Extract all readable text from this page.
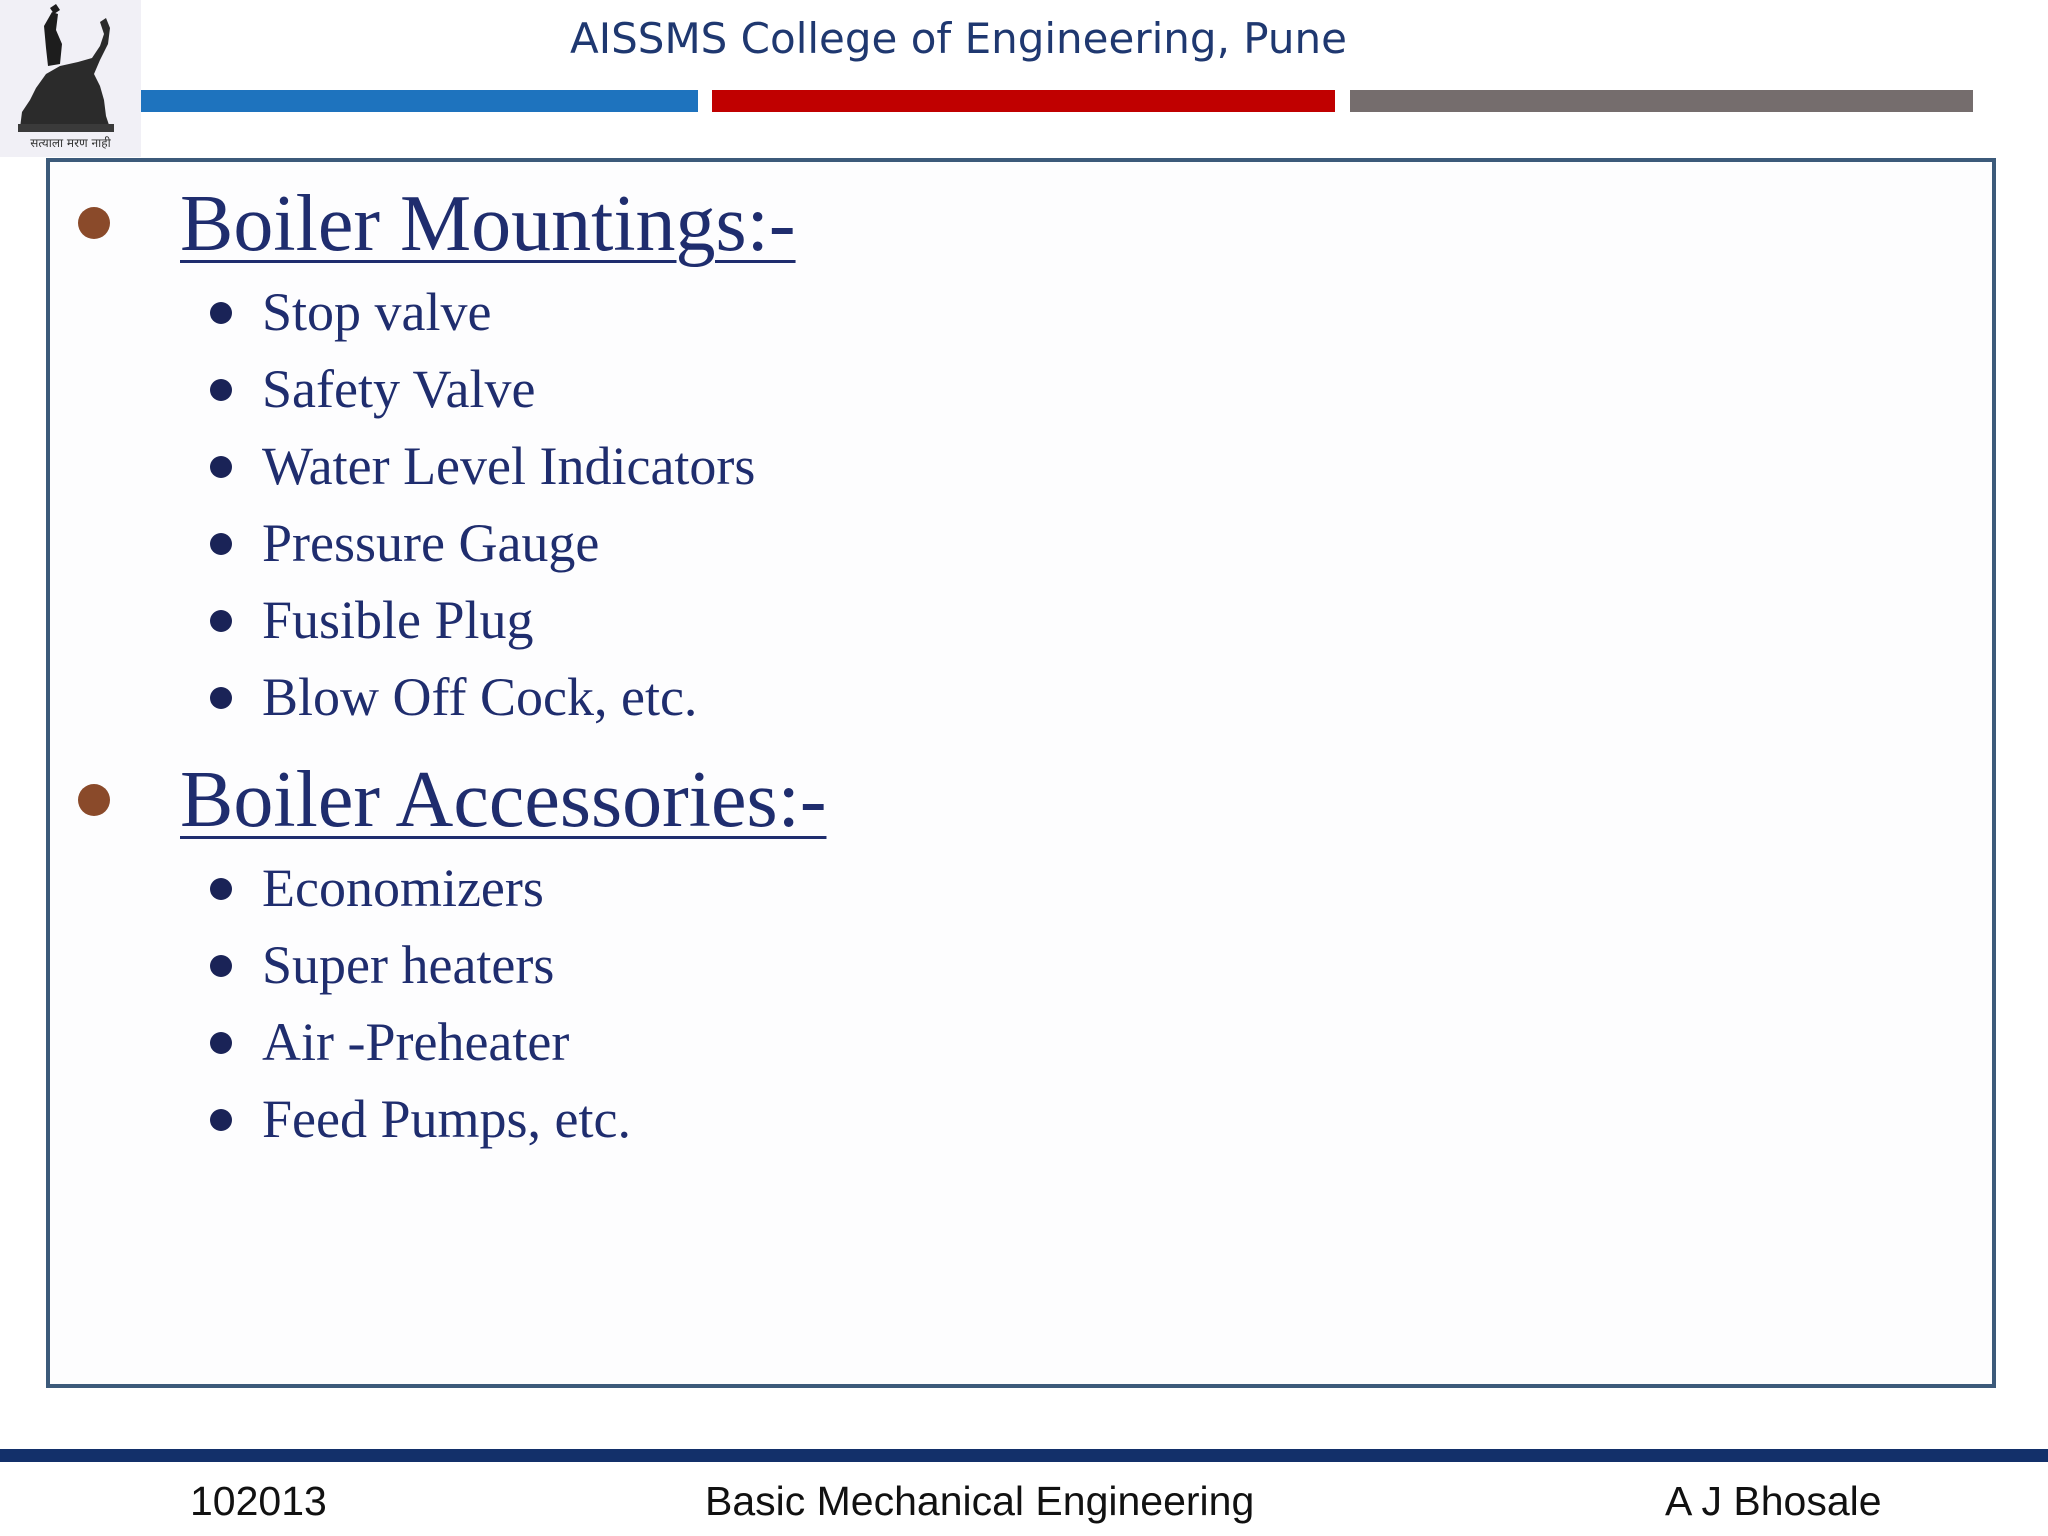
सत्याला मरण नाही
AISSMS College of Engineering, Pune
Boiler Mountings:-
Stop valve
Safety Valve
Water Level Indicators
Pressure Gauge
Fusible Plug
Blow Off Cock, etc.
Boiler Accessories:-
Economizers
Super heaters
Air -Preheater
Feed Pumps, etc.
102013	Basic Mechanical Engineering	A J Bhosale
